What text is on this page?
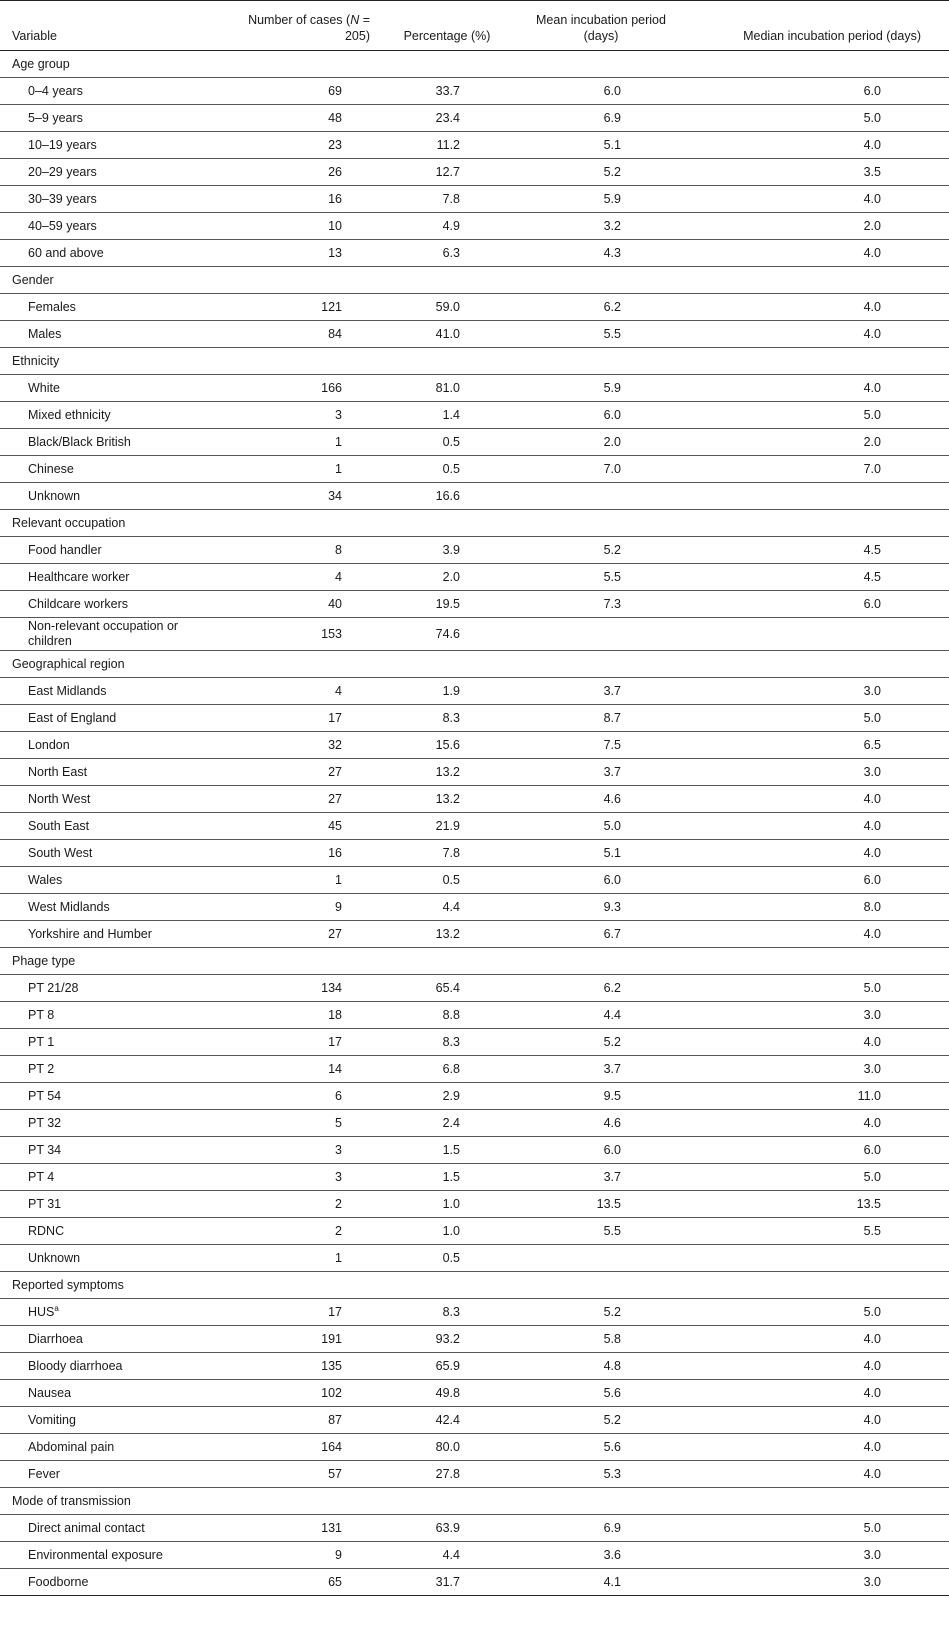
Variable	Number of cases (N = 205)	Percentage (%)	Mean incubation period (days)	Median incubation period (days)
Age group				
0–4 years	69	33.7	6.0	6.0
5–9 years	48	23.4	6.9	5.0
10–19 years	23	11.2	5.1	4.0
20–29 years	26	12.7	5.2	3.5
30–39 years	16	7.8	5.9	4.0
40–59 years	10	4.9	3.2	2.0
60 and above	13	6.3	4.3	4.0
Gender				
Females	121	59.0	6.2	4.0
Males	84	41.0	5.5	4.0
Ethnicity				
White	166	81.0	5.9	4.0
Mixed ethnicity	3	1.4	6.0	5.0
Black/Black British	1	0.5	2.0	2.0
Chinese	1	0.5	7.0	7.0
Unknown	34	16.6		
Relevant occupation				
Food handler	8	3.9	5.2	4.5
Healthcare worker	4	2.0	5.5	4.5
Childcare workers	40	19.5	7.3	6.0
Non-relevant occupation or children	153	74.6		
Geographical region				
East Midlands	4	1.9	3.7	3.0
East of England	17	8.3	8.7	5.0
London	32	15.6	7.5	6.5
North East	27	13.2	3.7	3.0
North West	27	13.2	4.6	4.0
South East	45	21.9	5.0	4.0
South West	16	7.8	5.1	4.0
Wales	1	0.5	6.0	6.0
West Midlands	9	4.4	9.3	8.0
Yorkshire and Humber	27	13.2	6.7	4.0
Phage type				
PT 21/28	134	65.4	6.2	5.0
PT 8	18	8.8	4.4	3.0
PT 1	17	8.3	5.2	4.0
PT 2	14	6.8	3.7	3.0
PT 54	6	2.9	9.5	11.0
PT 32	5	2.4	4.6	4.0
PT 34	3	1.5	6.0	6.0
PT 4	3	1.5	3.7	5.0
PT 31	2	1.0	13.5	13.5
RDNC	2	1.0	5.5	5.5
Unknown	1	0.5		
Reported symptoms				
HUS$^a$	17	8.3	5.2	5.0
Diarrhoea	191	93.2	5.8	4.0
Bloody diarrhoea	135	65.9	4.8	4.0
Nausea	102	49.8	5.6	4.0
Vomiting	87	42.4	5.2	4.0
Abdominal pain	164	80.0	5.6	4.0
Fever	57	27.8	5.3	4.0
Mode of transmission				
Direct animal contact	131	63.9	6.9	5.0
Environmental exposure	9	4.4	3.6	3.0
Foodborne	65	31.7	4.1	3.0
